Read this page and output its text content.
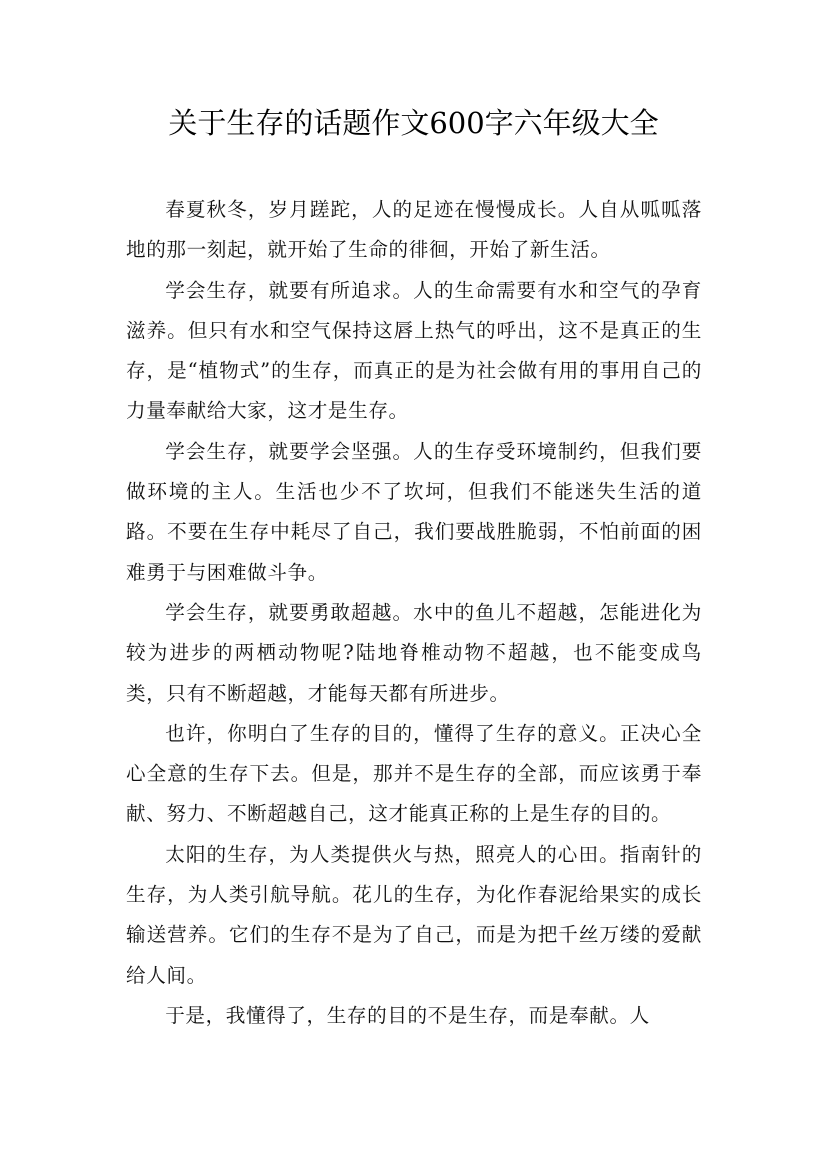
关于生存的话题作文600字六年级大全

春夏秋冬，岁月蹉跎，人的足迹在慢慢成长。人自从呱呱落地的那一刻起，就开始了生命的徘徊，开始了新生活。

学会生存，就要有所追求。人的生命需要有水和空气的孕育滋养。但只有水和空气保持这唇上热气的呼出，这不是真正的生存，是“植物式”的生存，而真正的是为社会做有用的事用自己的力量奉献给大家，这才是生存。

学会生存，就要学会坚强。人的生存受环境制约，但我们要做环境的主人。生活也少不了坎坷，但我们不能迷失生活的道路。不要在生存中耗尽了自己，我们要战胜脆弱，不怕前面的困难勇于与困难做斗争。

学会生存，就要勇敢超越。水中的鱼儿不超越，怎能进化为较为进步的两栖动物呢?陆地脊椎动物不超越，也不能变成鸟类，只有不断超越，才能每天都有所进步。

也许，你明白了生存的目的，懂得了生存的意义。正决心全心全意的生存下去。但是，那并不是生存的全部，而应该勇于奉献、努力、不断超越自己，这才能真正称的上是生存的目的。

太阳的生存，为人类提供火与热，照亮人的心田。指南针的生存，为人类引航导航。花儿的生存，为化作春泥给果实的成长输送营养。它们的生存不是为了自己，而是为把千丝万缕的爱献给人间。

于是，我懂得了，生存的目的不是生存，而是奉献。人
